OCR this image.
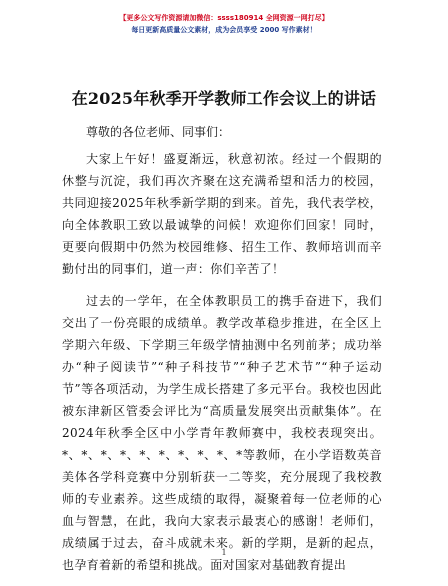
【更多公文写作资源请加微信：ssss180914 全网资源一网打尽】
每日更新高质量公文素材，成为会员享受 2000 写作素材！
在2025年秋季开学教师工作会议上的讲话
尊敬的各位老师、同事们：

大家上午好！盛夏渐远，秋意初浓。经过一个假期的休整与沉淀，我们再次齐聚在这充满希望和活力的校园，共同迎接2025年秋季新学期的到来。首先，我代表学校，向全体教职工致以最诚挚的问候！欢迎你们回家！同时，更要向假期中仍然为校园维修、招生工作、教师培训而辛勤付出的同事们，道一声：你们辛苦了！

过去的一学年，在全体教职员工的携手奋进下，我们交出了一份亮眼的成绩单。教学改革稳步推进，在全区上学期六年级、下学期三年级学情抽测中名列前茅；成功举办“种子阅读节”“种子科技节”“种子艺术节”“种子运动节”等各项活动，为学生成长搭建了多元平台。我校也因此被东津新区管委会评比为“高质量发展突出贡献集体”。在2024年秋季全区中小学青年教师赛中，我校表现突出。*、*、*、*、*、*、*、*、*、*等教师，在小学语数英音美体各学科竞赛中分别斩获一二等奖，充分展现了我校教师的专业素养。这些成绩的取得，凝聚着每一位老师的心血与智慧，在此，我向大家表示最衷心的感谢！老师们，成绩属于过去，奋斗成就未来。新的学期，是新的起点，也孕育着新的希望和挑战。面对国家对基础教育提出

1
